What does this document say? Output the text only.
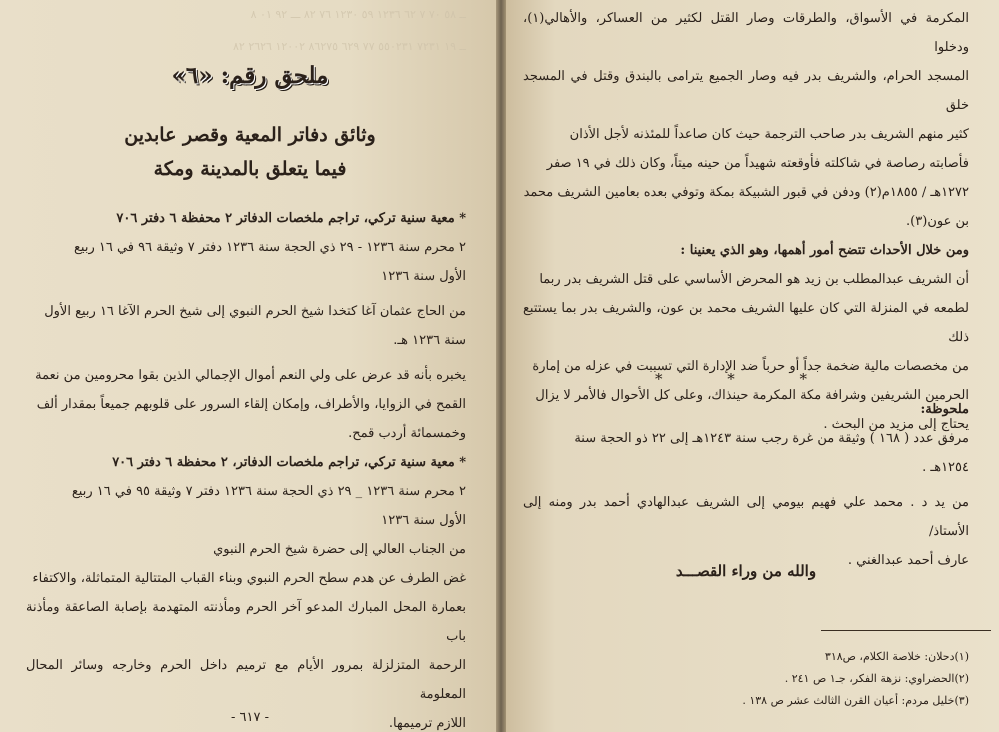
ــ ٥٨ ٧٠ ٧ ٦٢ ١٢٣٦ ٥٩ ١٢٣٠ ٧٦ ٨٢ ـــ ٩٢ ٠١ ٨
ــ ١٩ ٧٢٣١ ٥٥٠٢٣١ ٧٧ ٦٢٩ ٨٦٢٧٥ ١٢٠٠٢ ٢٦٢٦ ٨٢
ملحق رقم: «٦»
وثائق دفاتر المعية وقصر عابدين
فيما يتعلق بالمدينة ومكة
* معية سنية تركي، تراجم ملخصات الدفاتر ٢ محفظة ٦ دفتر ٧٠٦
٢ محرم سنة ١٢٣٦ - ٢٩ ذي الحجة سنة ١٢٣٦ دفتر ٧ وثيقة ٩٦ في ١٦ ربيع
الأول سنة ١٢٣٦
من الحاج عثمان آغا كتخدا شيخ الحرم النبوي إلى شيخ الحرم الآغا ١٦ ربيع الأول
سنة ١٢٣٦ هـ.
يخبره بأنه قد عرض على ولي النعم أموال الإجمالي الذين بقوا محرومين من نعمة
القمح في الزوايا، والأطراف، وإمكان إلقاء السرور على قلوبهم جميعاً بمقدار ألف
وخمسمائة أردب قمح.
* معية سنية تركي، تراجم ملخصات الدفاتر، ٢ محفظة ٦ دفتر ٧٠٦
٢ محرم سنة ١٢٣٦ _ ٢٩ ذي الحجة سنة ١٢٣٦ دفتر ٧ وثيقة ٩٥ في ١٦ ربيع
الأول سنة ١٢٣٦
من الجناب العالي إلى حضرة شيخ الحرم النبوي
غض الطرف عن هدم سطح الحرم النبوي وبناء القباب المتتالية المتماثلة، والاكتفاء
بعمارة المحل المبارك المدعو آخر الحرم ومأذنته المتهدمة بإصابة الصاعقة ومأذنة باب
الرحمة المتزلزلة بمرور الأيام مع ترميم داخل الحرم وخارجه وسائر المحال المعلومة
اللازم ترميمها.
- ٦١٧ -
المكرمة في الأسواق، والطرقات وصار القتل لكثير من العساكر، والأهالي(١)، ودخلوا
المسجد الحرام، والشريف بدر فيه وصار الجميع يترامى بالبندق وقتل في المسجد خلق
كثير منهم الشريف بدر صاحب الترجمة حيث كان صاعداً للمئذنه لأجل الأذان
فأصابته رصاصة في شاكلته فأوقعته شهيداً من حينه ميتاً، وكان ذلك في ١٩ صفر
١٢٧٢هـ / ١٨٥٥م(٢) ودفن في قبور الشبيكة بمكة وتوفي بعده بعامين الشريف محمد
بن عون(٣).
ومن خلال الأحداث تتضح أمور أهمها، وهو الذي يعنينا :
أن الشريف عبدالمطلب بن زيد هو المحرض الأساسي على قتل الشريف بدر ربما
لطمعه في المنزلة التي كان عليها الشريف محمد بن عون، والشريف بدر بما يستتبع ذلك
من مخصصات مالية ضخمة جداً أو حرباً ضد الإدارة التي تسببت في عزله من إمارة
الحرمين الشريفين وشرافة مكة المكرمة حينذاك، وعلى كل الأحوال فالأمر لا يزال
يحتاج إلى مزيد من البحث .
* * *
ملحوظة:
مرفق عدد ( ١٦٨ ) وثيقة من غرة رجب سنة ١٢٤٣هـ إلى ٢٢ ذو الحجة سنة
١٢٥٤هـ .
من يد د . محمد علي فهيم بيومي إلى الشريف عبدالهادي أحمد بدر ومنه إلى الأستاذ/
عارف أحمد عبدالغني .
والله من وراء القصـــد
(١)دحلان: خلاصة الكلام، ص٣١٨
(٢)الحضراوي: نزهة الفكر، جـ١ ص ٢٤١ .
(٣)خليل مردم: أعيان القرن الثالث عشر ص ١٣٨ .
